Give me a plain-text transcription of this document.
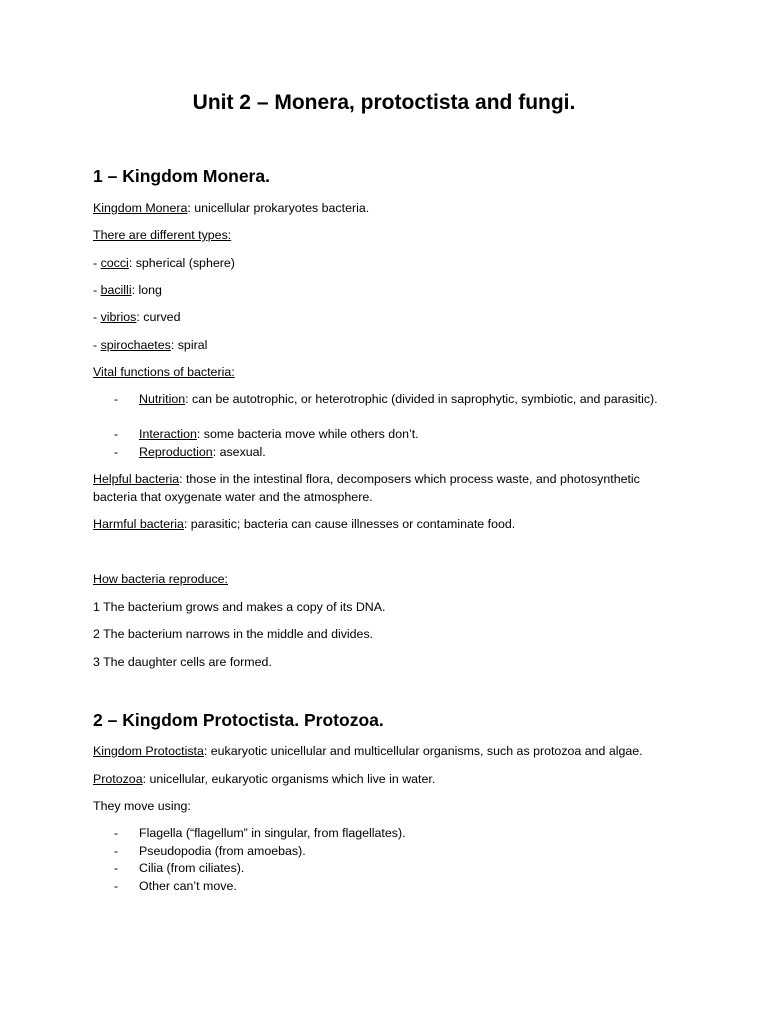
Unit 2 – Monera, protoctista and fungi.
1 – Kingdom Monera.
Kingdom Monera: unicellular prokaryotes bacteria.
There are different types:
- cocci: spherical (sphere)
- bacilli: long
- vibrios: curved
- spirochaetes: spiral
Vital functions of bacteria:
- Nutrition: can be autotrophic, or heterotrophic (divided in saprophytic, symbiotic, and parasitic).
- Interaction: some bacteria move while others don’t.
- Reproduction: asexual.
Helpful bacteria: those in the intestinal flora, decomposers which process waste, and photosynthetic
bacteria that oxygenate water and the atmosphere.
Harmful bacteria: parasitic; bacteria can cause illnesses or contaminate food.
How bacteria reproduce:
1 The bacterium grows and makes a copy of its DNA.
2 The bacterium narrows in the middle and divides.
3 The daughter cells are formed.
2 – Kingdom Protoctista. Protozoa.
Kingdom Protoctista: eukaryotic unicellular and multicellular organisms, such as protozoa and algae.
Protozoa: unicellular, eukaryotic organisms which live in water.
They move using:
- Flagella (“flagellum” in singular, from flagellates).
- Pseudopodia (from amoebas).
- Cilia (from ciliates).
- Other can’t move.
